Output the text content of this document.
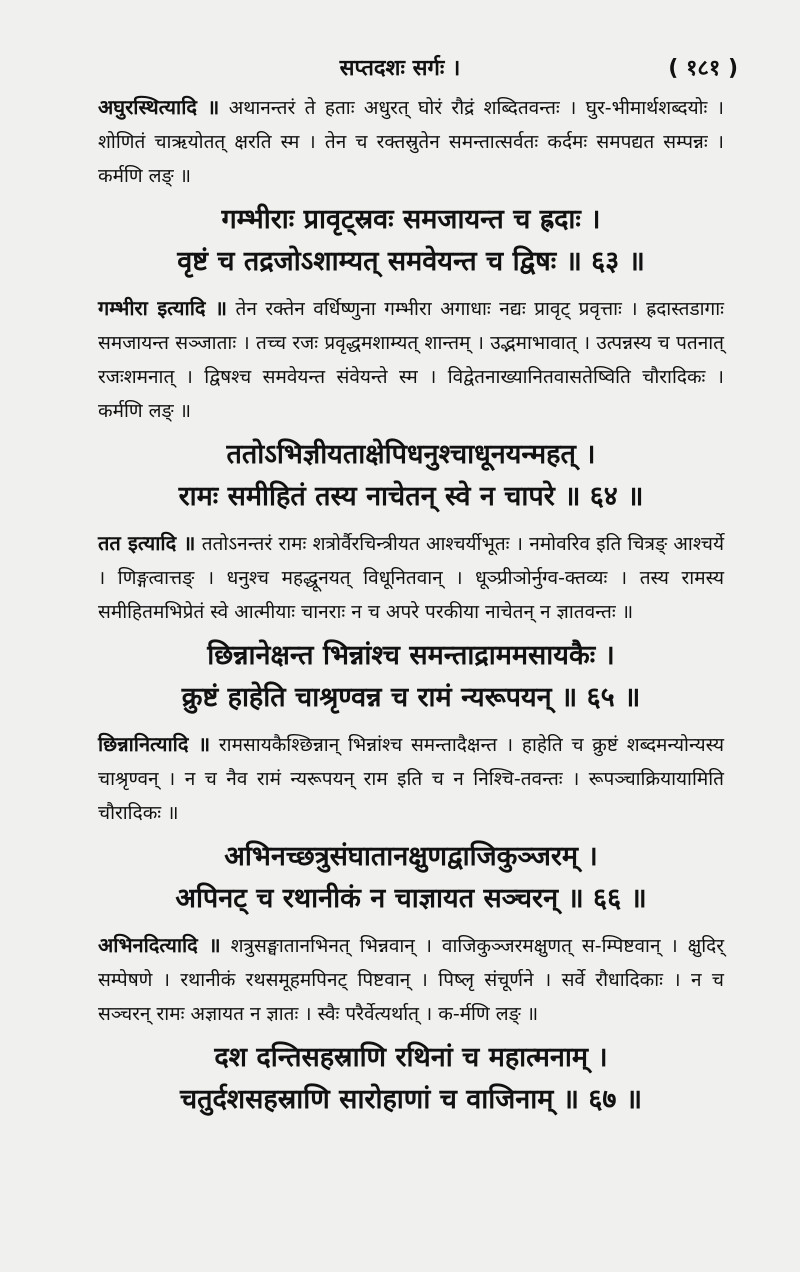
सप्तदशः सर्गः ।	( १८१ )

अघुरस्थित्यादि ॥ अथानन्तरं ते हताः अधुरत् घोरं रौद्रं शब्दितवन्तः । घुर-भीमार्थशब्दयोः । शोणितं चाऋयोतत् क्षरति स्म । तेन च रक्तस्रुतेन समन्तात्सर्वतः कर्दमः समपद्यत सम्पन्नः । कर्मणि लङ् ॥

गम्भीराः प्रावृट्स्रवः समजायन्त च ह्रदाः ।
वृष्टं च तद्रजोऽशाम्यत् समवेयन्त च द्विषः ॥ ६३ ॥

गम्भीरा इत्यादि ॥ तेन रक्तेन वर्धिष्णुना गम्भीरा अगाधाः नद्यः प्रावृट् प्रवृत्ताः । ह्रदास्तडागाः समजायन्त सञ्जाताः । तच्च रजः प्रवृद्धमशाम्यत् शान्तम् । उद्भमाभावात् । उत्पन्नस्य च पतनात् रजःशमनात् । द्विषश्च समवेयन्त संवेयन्ते स्म । विद्वेतनाख्यानितवासतेष्विति चौरादिकः । कर्मणि लङ् ॥

ततोऽभिज्ञीयताक्षेपिधनुश्चाधूनयन्महत् ।
रामः समीहितं तस्य नाचेतन् स्वे न चापरे ॥ ६४ ॥

तत इत्यादि ॥ ततोऽनन्तरं रामः शत्रोर्वैरचिन्त्रीयत आश्चर्यीभूतः । नमोवरिव इति चित्रङ् आश्चर्ये । णिङ्गत्वात्तङ् । धनुश्च महद्धूनयत् विधूनितवान् । धूञ्प्रीञोर्नुग्व-क्तव्यः । तस्य रामस्य समीहितमभिप्रेतं स्वे आत्मीयाः चानराः न च अपरे परकीया नाचेतन् न ज्ञातवन्तः ॥

छिन्नानेक्षन्त भिन्नांश्च समन्ताद्राममसायकैः ।
क्रुष्टं हाहेति चाश्रृण्वन्न च रामं न्यरूपयन् ॥ ६५ ॥

छिन्नानित्यादि ॥ रामसायकैश्छिन्नान् भिन्नांश्च समन्तादैक्षन्त । हाहेति च क्रुष्टं शब्दमन्योन्यस्य चाश्रृण्वन् । न च नैव रामं न्यरूपयन् राम इति च न निश्चि-तवन्तः । रूपञ्चाक्रियायामिति चौरादिकः ॥

अभिनच्छत्रुसंघातानक्षुणद्वाजिकुञ्जरम् ।
अपिनट् च रथानीकं न चाज्ञायत सञ्चरन् ॥ ६६ ॥

अभिनदित्यादि ॥ शत्रुसङ्घातानभिनत् भिन्नवान् । वाजिकुञ्जरमक्षुणत् स-म्पिष्टवान् । क्षुदिर् सम्पेषणे । रथानीकं रथसमूहमपिनट् पिष्टवान् । पिष्लृ संचूर्णने । सर्वे रौधादिकाः । न च सञ्चरन् रामः अज्ञायत न ज्ञातः । स्वैः परैर्वेत्यर्थात् । क-र्मणि लङ् ॥

दश दन्तिसहस्राणि रथिनां च महात्मनाम् ।
चतुर्दशसहस्राणि सारोहाणां च वाजिनाम् ॥ ६७ ॥
